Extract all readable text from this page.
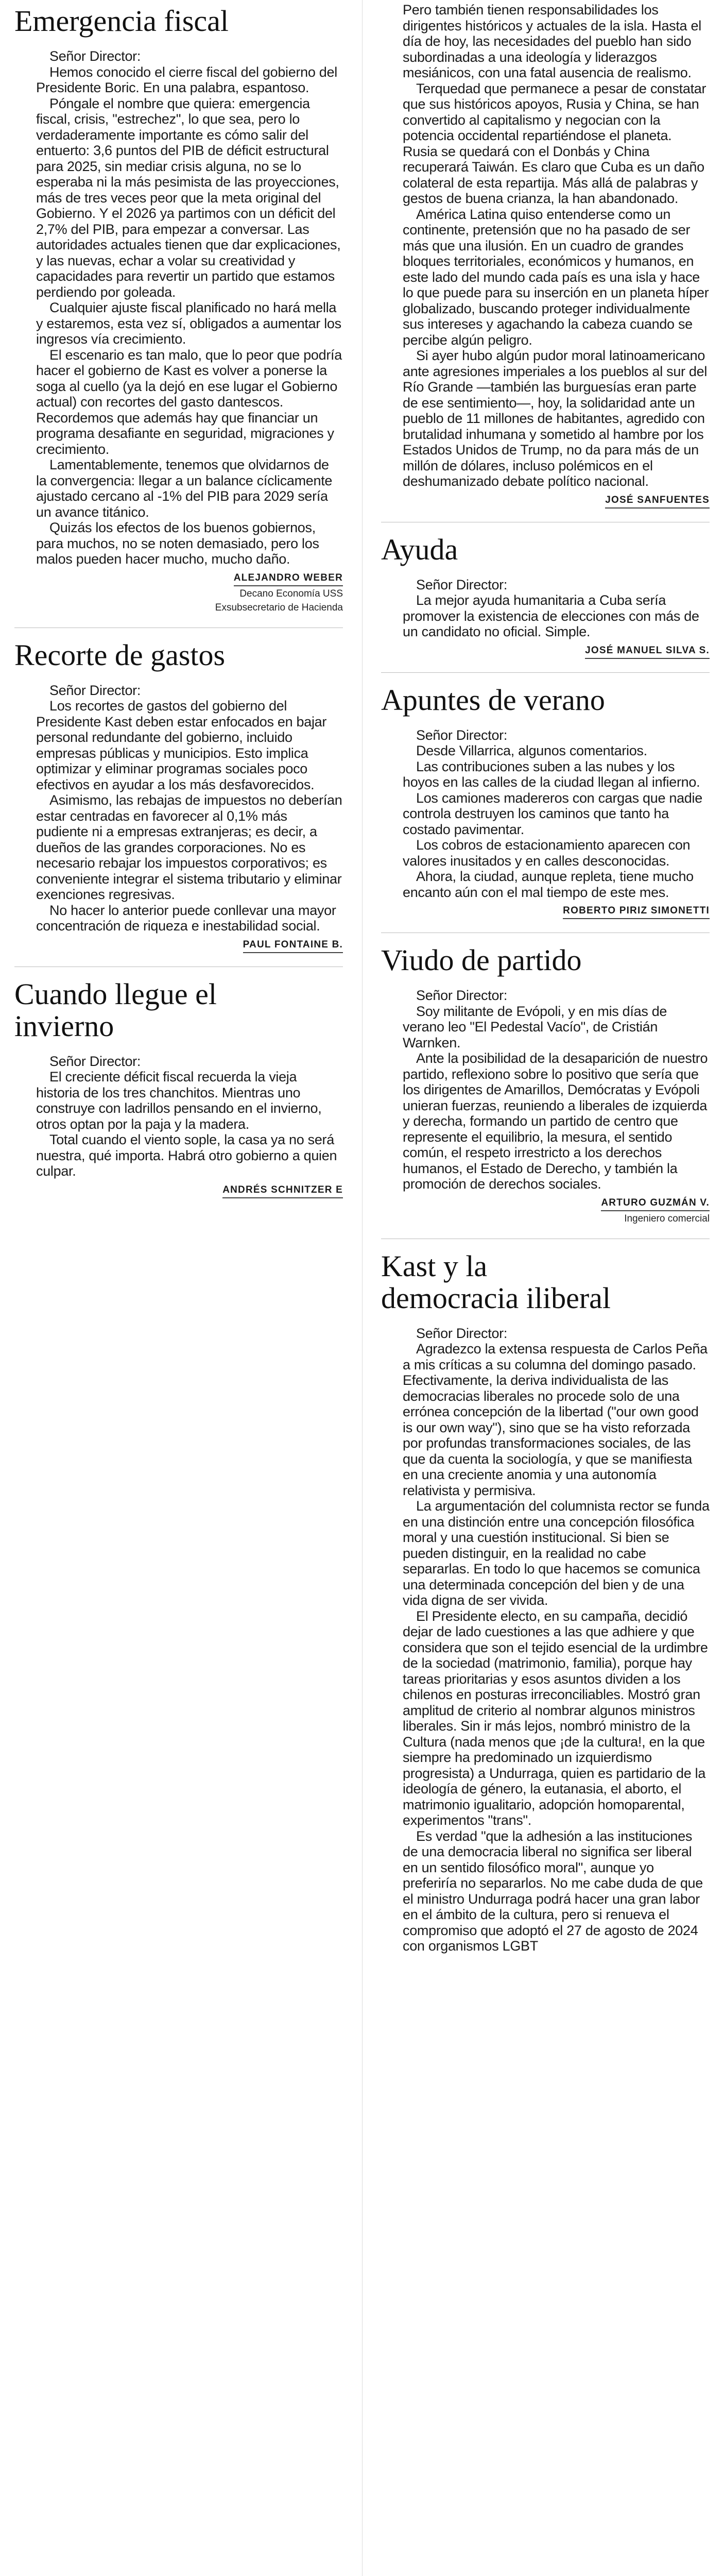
Emergencia fiscal

Señor Director:

Hemos conocido el cierre fiscal del gobierno del Presidente Boric. En una palabra, espantoso.

Póngale el nombre que quiera: emergencia fiscal, crisis, "estrechez", lo que sea, pero lo verdaderamente importante es cómo salir del entuerto: 3,6 puntos del PIB de déficit estructural para 2025, sin mediar crisis alguna, no se lo esperaba ni la más pesimista de las proyecciones, más de tres veces peor que la meta original del Gobierno. Y el 2026 ya partimos con un déficit del 2,7% del PIB, para empezar a conversar. Las autoridades actuales tienen que dar explicaciones, y las nuevas, echar a volar su creatividad y capacidades para revertir un partido que estamos perdiendo por goleada.

Cualquier ajuste fiscal planificado no hará mella y estaremos, esta vez sí, obligados a aumentar los ingresos vía crecimiento.

El escenario es tan malo, que lo peor que podría hacer el gobierno de Kast es volver a ponerse la soga al cuello (ya la dejó en ese lugar el Gobierno actual) con recortes del gasto dantescos. Recordemos que además hay que financiar un programa desafiante en seguridad, migraciones y crecimiento.

Lamentablemente, tenemos que olvidarnos de la convergencia: llegar a un balance cíclicamente ajustado cercano al -1% del PIB para 2029 sería un avance titánico.

Quizás los efectos de los buenos gobiernos, para muchos, no se noten demasiado, pero los malos pueden hacer mucho, mucho daño.

ALEJANDRO WEBER
Decano Economía USS
Exsubsecretario de Hacienda
Recorte de gastos

Señor Director:

Los recortes de gastos del gobierno del Presidente Kast deben estar enfocados en bajar personal redundante del gobierno, incluido empresas públicas y municipios. Esto implica optimizar y eliminar programas sociales poco efectivos en ayudar a los más desfavorecidos.

Asimismo, las rebajas de impuestos no deberían estar centradas en favorecer al 0,1% más pudiente ni a empresas extranjeras; es decir, a dueños de las grandes corporaciones. No es necesario rebajar los impuestos corporativos; es conveniente integrar el sistema tributario y eliminar exenciones regresivas.

No hacer lo anterior puede conllevar una mayor concentración de riqueza e inestabilidad social.

PAUL FONTAINE B.
Cuando llegue el invierno

Señor Director:

El creciente déficit fiscal recuerda la vieja historia de los tres chanchitos. Mientras uno construye con ladrillos pensando en el invierno, otros optan por la paja y la madera.

Total cuando el viento sople, la casa ya no será nuestra, qué importa. Habrá otro gobierno a quien culpar.

ANDRÉS SCHNITZER E

Pero también tienen responsabilidades los dirigentes históricos y actuales de la isla. Hasta el día de hoy, las necesidades del pueblo han sido subordinadas a una ideología y liderazgos mesiánicos, con una fatal ausencia de realismo.

Terquedad que permanece a pesar de constatar que sus históricos apoyos, Rusia y China, se han convertido al capitalismo y negocian con la potencia occidental repartiéndose el planeta. Rusia se quedará con el Donbás y China recuperará Taiwán. Es claro que Cuba es un daño colateral de esta repartija. Más allá de palabras y gestos de buena crianza, la han abandonado.

América Latina quiso entenderse como un continente, pretensión que no ha pasado de ser más que una ilusión. En un cuadro de grandes bloques territoriales, económicos y humanos, en este lado del mundo cada país es una isla y hace lo que puede para su inserción en un planeta híper globalizado, buscando proteger individualmente sus intereses y agachando la cabeza cuando se percibe algún peligro.

Si ayer hubo algún pudor moral latinoamericano ante agresiones imperiales a los pueblos al sur del Río Grande —también las burguesías eran parte de ese sentimiento—, hoy, la solidaridad ante un pueblo de 11 millones de habitantes, agredido con brutalidad inhumana y sometido al hambre por los Estados Unidos de Trump, no da para más de un millón de dólares, incluso polémicos en el deshumanizado debate político nacional.

JOSÉ SANFUENTES
Ayuda

Señor Director:

La mejor ayuda humanitaria a Cuba sería promover la existencia de elecciones con más de un candidato no oficial. Simple.

JOSÉ MANUEL SILVA S.
Apuntes de verano

Señor Director:

Desde Villarrica, algunos comentarios.

Las contribuciones suben a las nubes y los hoyos en las calles de la ciudad llegan al infierno.

Los camiones madereros con cargas que nadie controla destruyen los caminos que tanto ha costado pavimentar.

Los cobros de estacionamiento aparecen con valores inusitados y en calles desconocidas.

Ahora, la ciudad, aunque repleta, tiene mucho encanto aún con el mal tiempo de este mes.

ROBERTO PIRIZ SIMONETTI
Viudo de partido

Señor Director:

Soy militante de Evópoli, y en mis días de verano leo "El Pedestal Vacío", de Cristián Warnken.

Ante la posibilidad de la desaparición de nuestro partido, reflexiono sobre lo positivo que sería que los dirigentes de Amarillos, Demócratas y Evópoli unieran fuerzas, reuniendo a liberales de izquierda y derecha, formando un partido de centro que represente el equilibrio, la mesura, el sentido común, el respeto irrestricto a los derechos humanos, el Estado de Derecho, y también la promoción de derechos sociales.

ARTURO GUZMÁN V.
Ingeniero comercial
Kast y la democracia iliberal

Señor Director:

Agradezco la extensa respuesta de Carlos Peña a mis críticas a su columna del domingo pasado. Efectivamente, la deriva individualista de las democracias liberales no procede solo de una errónea concepción de la libertad ("our own good is our own way"), sino que se ha visto reforzada por profundas transformaciones sociales, de las que da cuenta la sociología, y que se manifiesta en una creciente anomia y una autonomía relativista y permisiva.

La argumentación del columnista rector se funda en una distinción entre una concepción filosófica moral y una cuestión institucional. Si bien se pueden distinguir, en la realidad no cabe separarlas. En todo lo que hacemos se comunica una determinada concepción del bien y de una vida digna de ser vivida.

El Presidente electo, en su campaña, decidió dejar de lado cuestiones a las que adhiere y que considera que son el tejido esencial de la urdimbre de la sociedad (matrimonio, familia), porque hay tareas prioritarias y esos asuntos dividen a los chilenos en posturas irreconciliables. Mostró gran amplitud de criterio al nombrar algunos ministros liberales. Sin ir más lejos, nombró ministro de la Cultura (nada menos que ¡de la cultura!, en la que siempre ha predominado un izquierdismo progresista) a Undurraga, quien es partidario de la ideología de género, la eutanasia, el aborto, el matrimonio igualitario, adopción homoparental, experimentos "trans".

Es verdad "que la adhesión a las instituciones de una democracia liberal no significa ser liberal en un sentido filosófico moral", aunque yo preferiría no separarlos. No me cabe duda de que el ministro Undurraga podrá hacer una gran labor en el ámbito de la cultura, pero si renueva el compromiso que adoptó el 27 de agosto de 2024 con organismos LGBT
